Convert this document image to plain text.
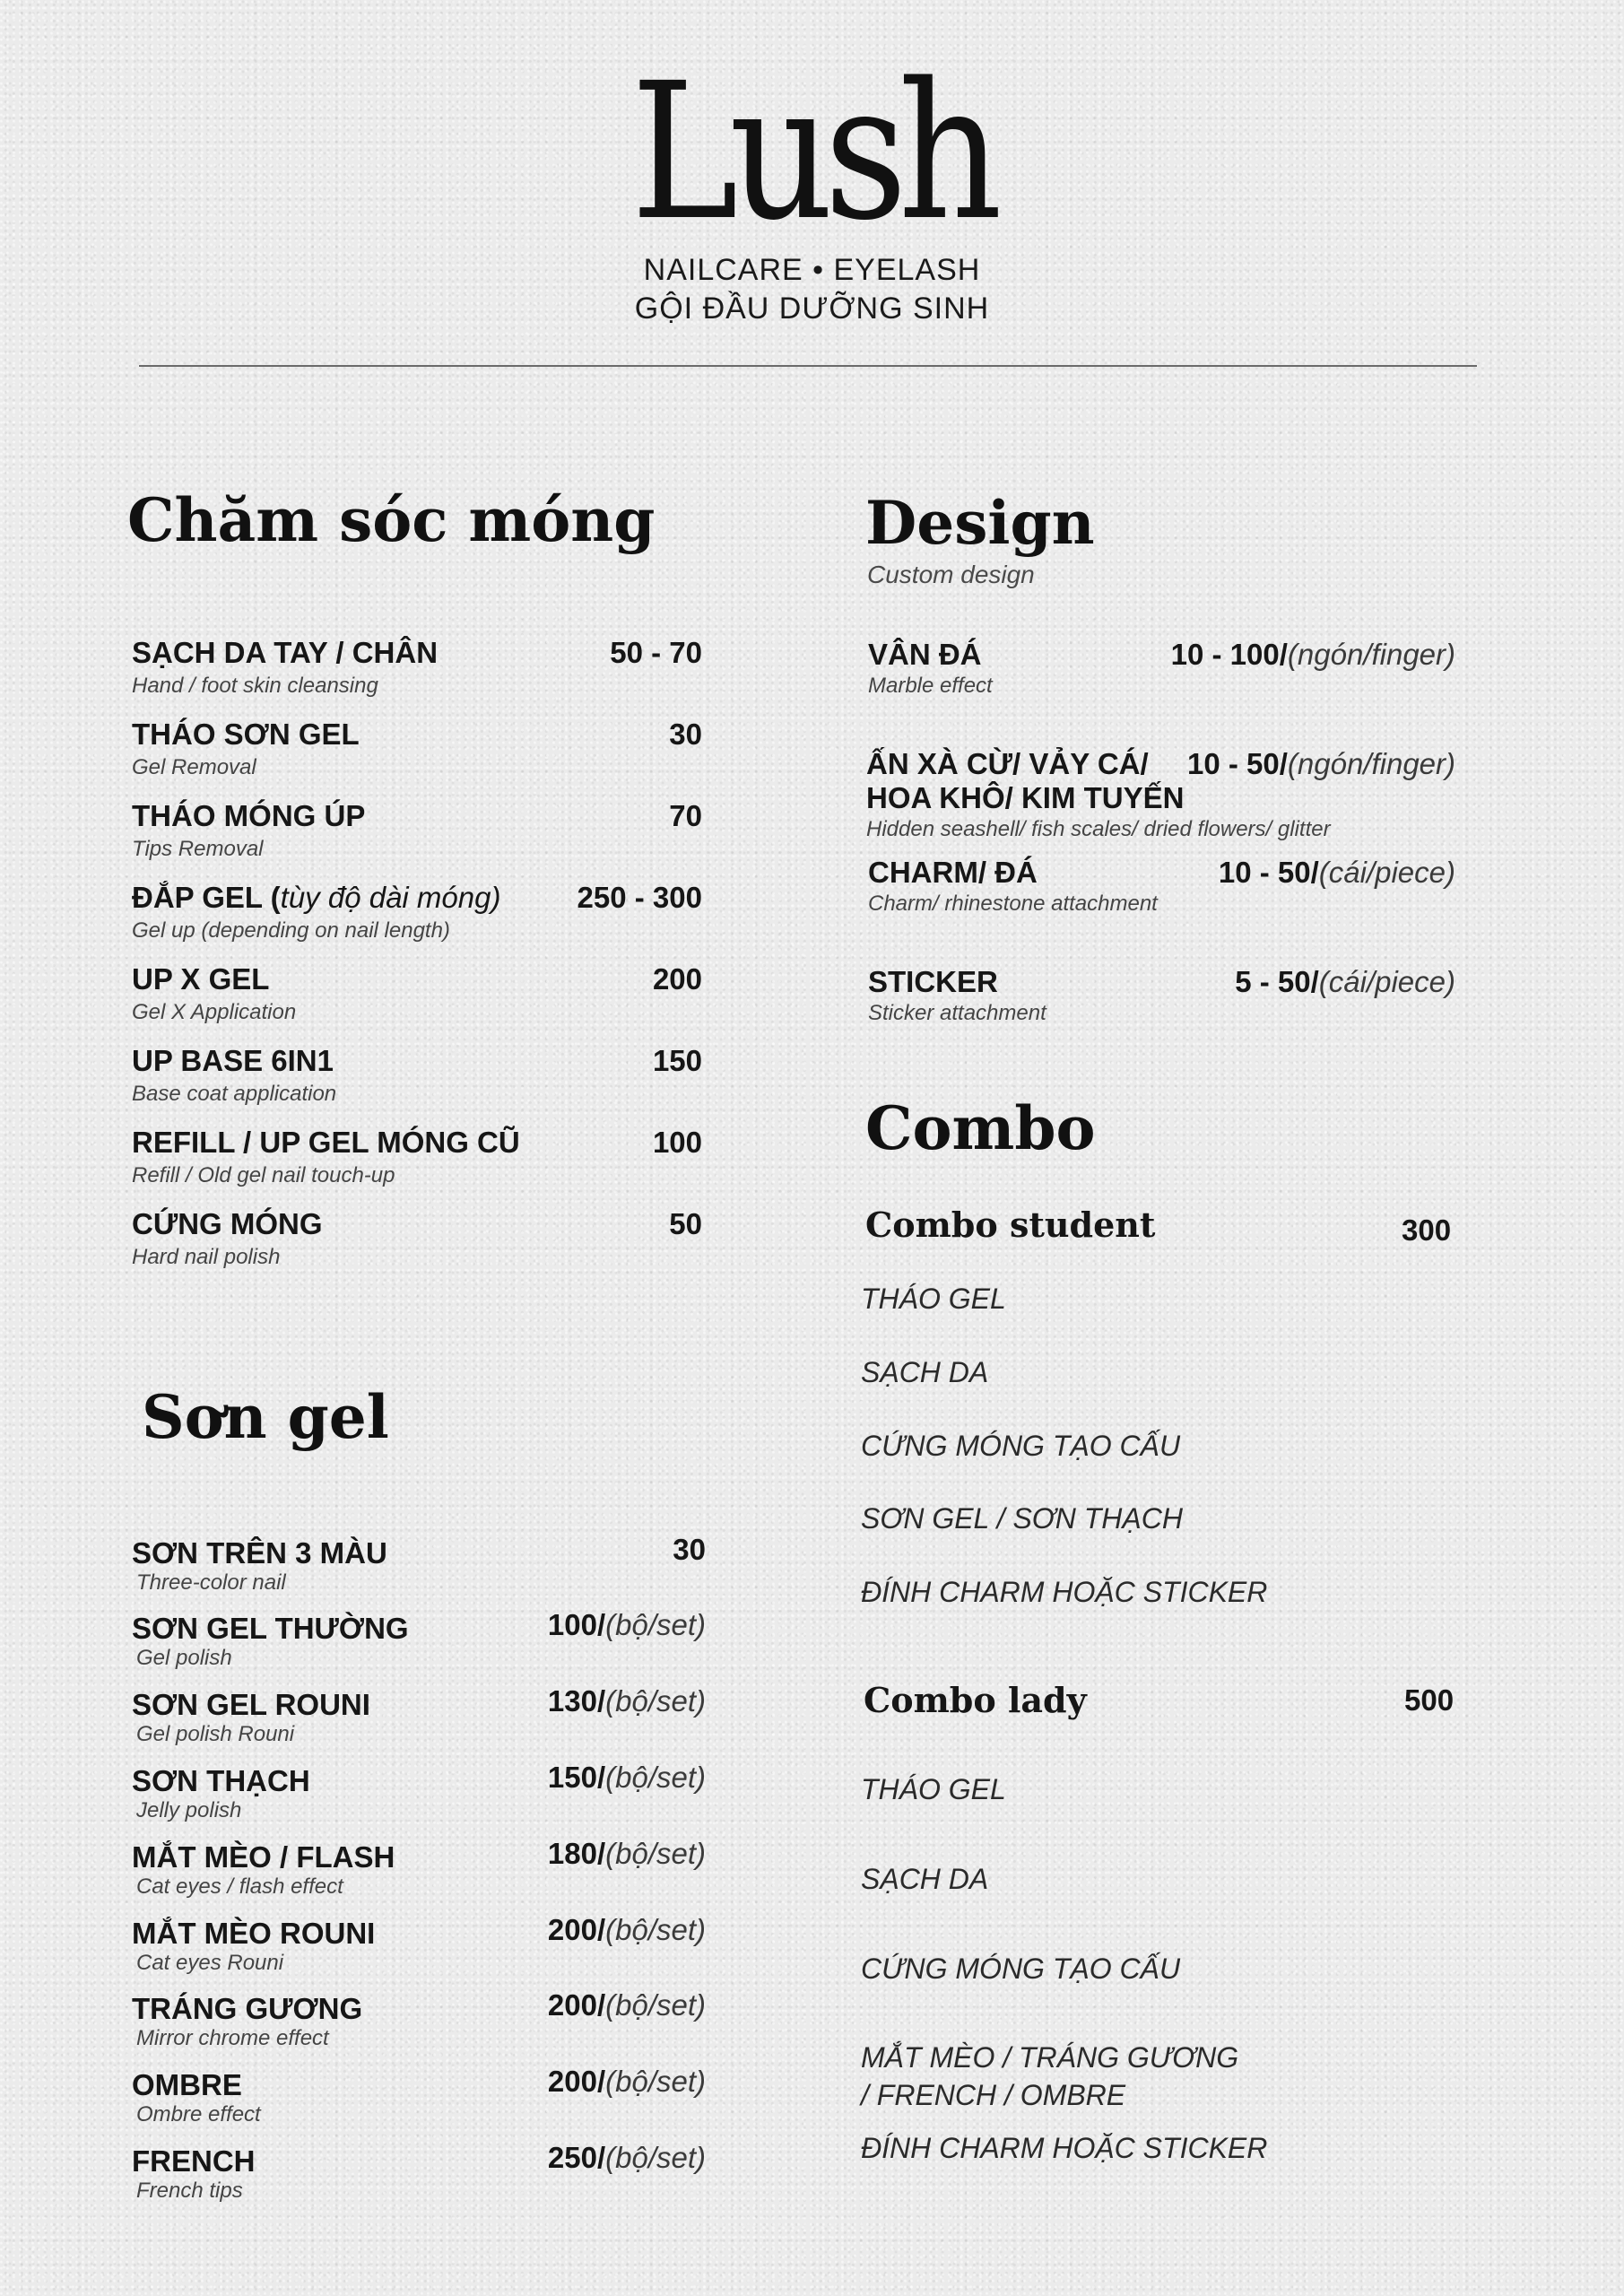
Lush
NAILCARE • EYELASH
GỘI ĐẦU DƯỠNG SINH
Chăm sóc móng
SẠCH DA TAY / CHÂN
Hand / foot skin cleansing
50 - 70
THÁO SƠN GEL
Gel Removal
30
THÁO MÓNG ÚP
Tips Removal
70
ĐẮP GEL (tùy độ dài móng)
Gel up (depending on nail length)
250 - 300
UP X GEL
Gel X Application
200
UP BASE 6IN1
Base coat application
150
REFILL / UP GEL MÓNG CŨ
Refill / Old gel nail touch-up
100
CỨNG MÓNG
Hard nail polish
50
Sơn gel
SƠN TRÊN 3 MÀU
Three-color nail
30
SƠN GEL THƯỜNG
Gel polish
100/(bộ/set)
SƠN GEL ROUNI
Gel polish Rouni
130/(bộ/set)
SƠN THẠCH
Jelly polish
150/(bộ/set)
MẮT MÈO / FLASH
Cat eyes / flash effect
180/(bộ/set)
MẮT MÈO ROUNI
Cat eyes Rouni
200/(bộ/set)
TRÁNG GƯƠNG
Mirror chrome effect
200/(bộ/set)
OMBRE
Ombre effect
200/(bộ/set)
FRENCH
French tips
250/(bộ/set)
Design
Custom design
VÂN ĐÁ
Marble effect
10 - 100/(ngón/finger)
ẤN XÀ CỪ/ VẢY CÁ/
HOA KHÔ/ KIM TUYẾN
Hidden seashell/ fish scales/ dried flowers/ glitter
10 - 50/(ngón/finger)
CHARM/ ĐÁ
Charm/ rhinestone attachment
10 - 50/(cái/piece)
STICKER
Sticker attachment
5 - 50/(cái/piece)
Combo
Combo student	300
THÁO GEL
SẠCH DA
CỨNG MÓNG TẠO CẤU
SƠN GEL / SƠN THẠCH
ĐÍNH CHARM HOẶC STICKER
Combo lady	500
THÁO GEL
SẠCH DA
CỨNG MÓNG TẠO CẤU
MẮT MÈO / TRÁNG GƯƠNG
/ FRENCH / OMBRE
ĐÍNH CHARM HOẶC STICKER
